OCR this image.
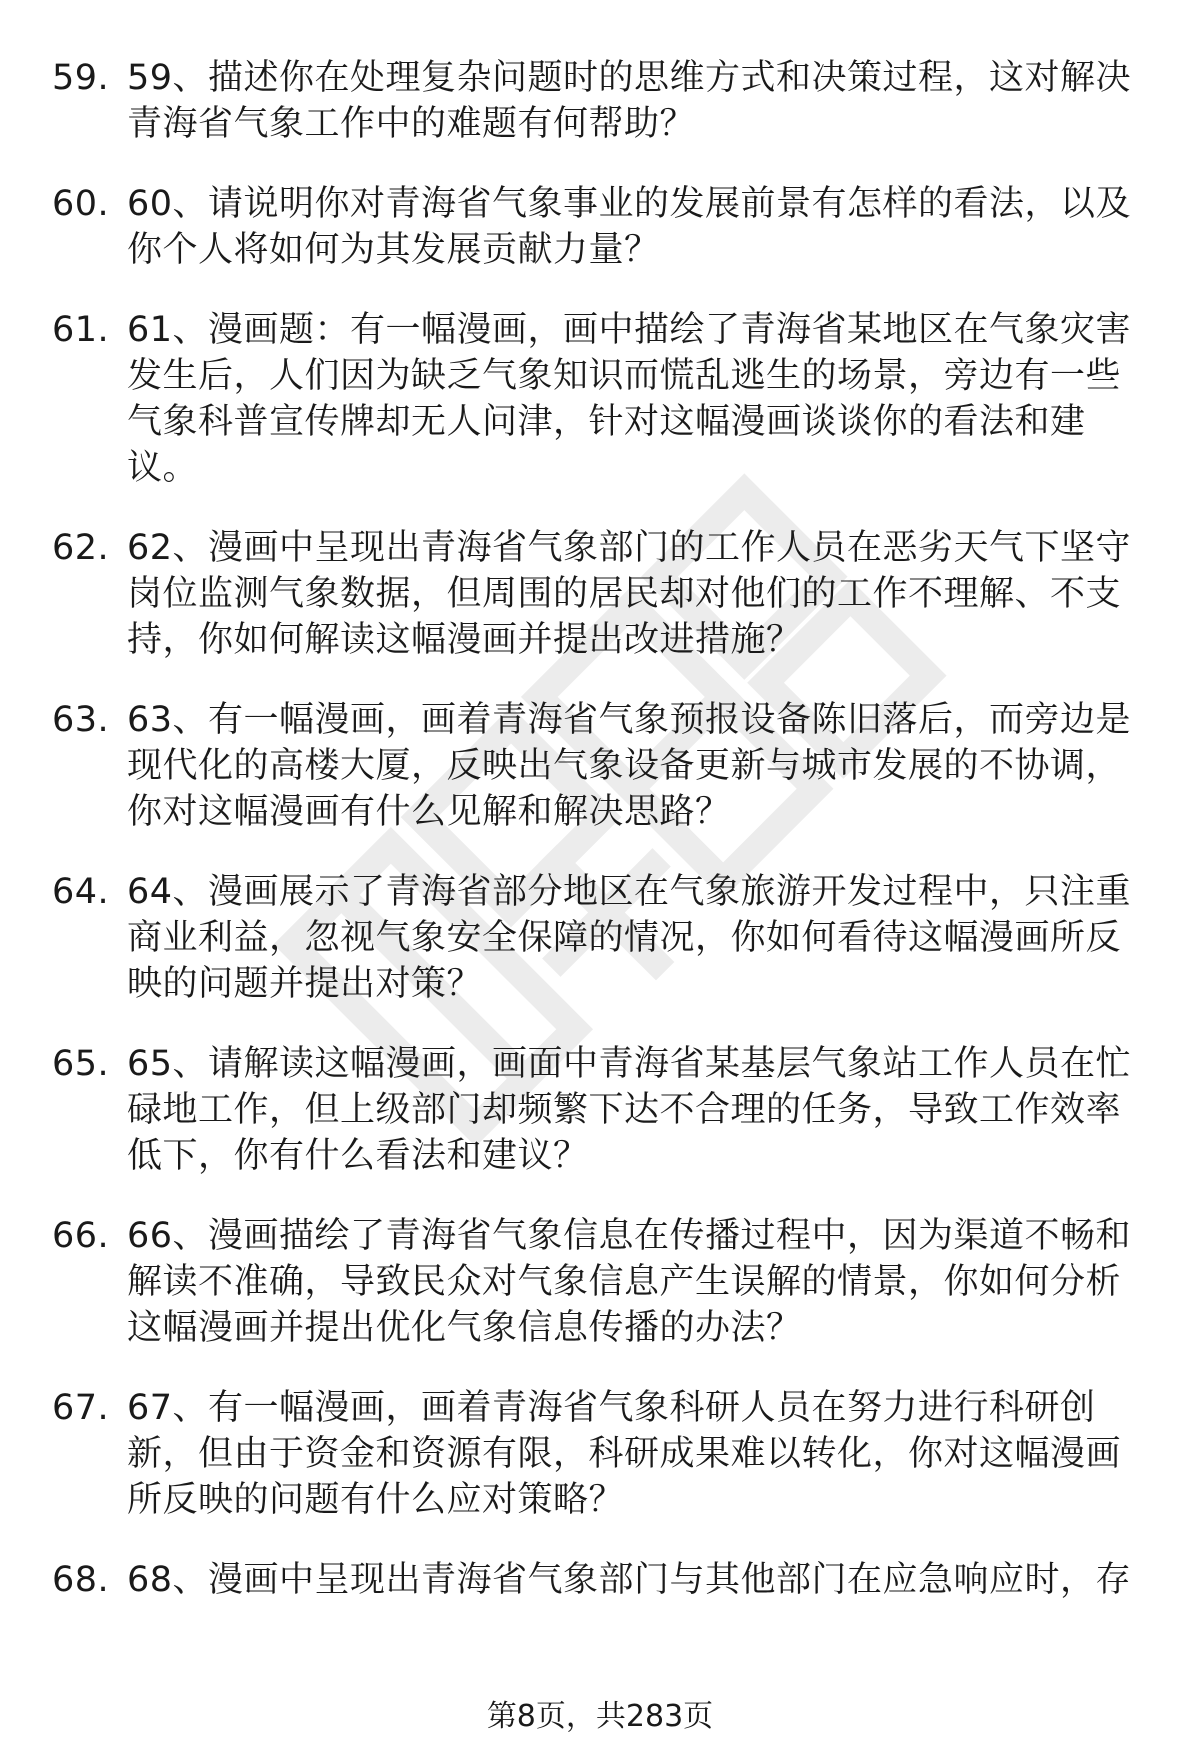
59. 59、描述你在处理复杂问题时的思维方式和决策过程，这对解决青海省气象工作中的难题有何帮助？
60. 60、请说明你对青海省气象事业的发展前景有怎样的看法，以及你个人将如何为其发展贡献力量？
61. 61、漫画题：有一幅漫画，画中描绘了青海省某地区在气象灾害发生后，人们因为缺乏气象知识而慌乱逃生的场景，旁边有一些气象科普宣传牌却无人问津，针对这幅漫画谈谈你的看法和建议。
62. 62、漫画中呈现出青海省气象部门的工作人员在恶劣天气下坚守岗位监测气象数据，但周围的居民却对他们的工作不理解、不支持，你如何解读这幅漫画并提出改进措施？
63. 63、有一幅漫画，画着青海省气象预报设备陈旧落后，而旁边是现代化的高楼大厦，反映出气象设备更新与城市发展的不协调，你对这幅漫画有什么见解和解决思路？
64. 64、漫画展示了青海省部分地区在气象旅游开发过程中，只注重商业利益，忽视气象安全保障的情况，你如何看待这幅漫画所反映的问题并提出对策？
65. 65、请解读这幅漫画，画面中青海省某基层气象站工作人员在忙碌地工作，但上级部门却频繁下达不合理的任务，导致工作效率低下，你有什么看法和建议？
66. 66、漫画描绘了青海省气象信息在传播过程中，因为渠道不畅和解读不准确，导致民众对气象信息产生误解的情景，你如何分析这幅漫画并提出优化气象信息传播的办法？
67. 67、有一幅漫画，画着青海省气象科研人员在努力进行科研创新，但由于资金和资源有限，科研成果难以转化，你对这幅漫画所反映的问题有什么应对策略？
68. 68、漫画中呈现出青海省气象部门与其他部门在应急响应时，存
第8页，共283页
